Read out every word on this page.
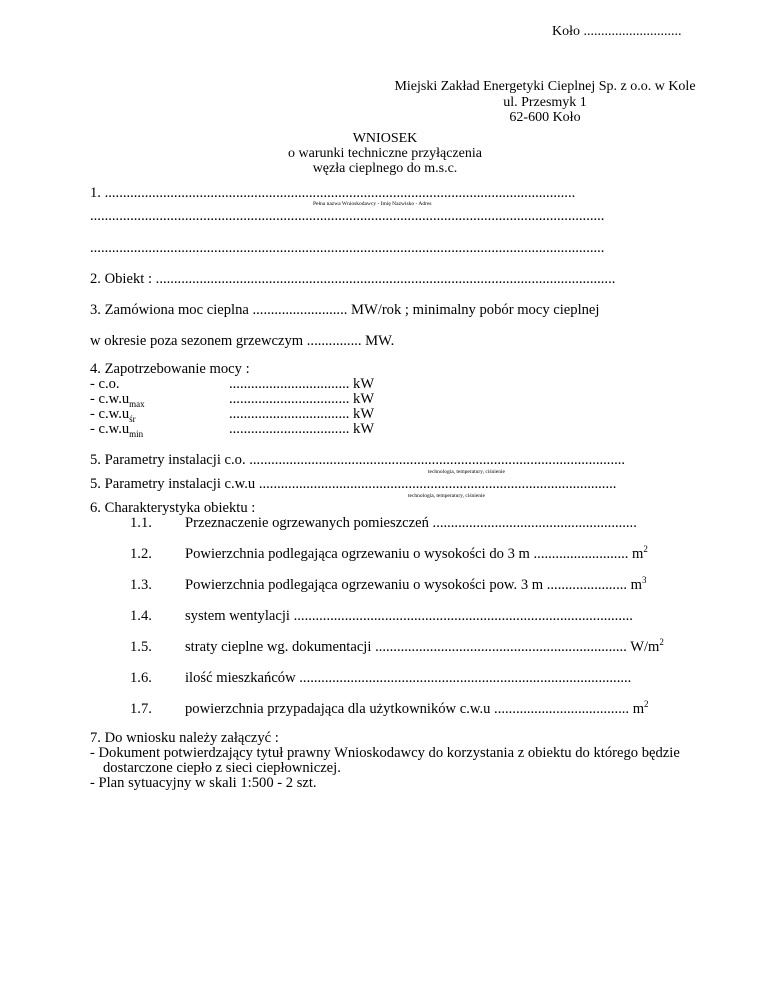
Koło ............................
Miejski Zakład Energetyki Cieplnej Sp. z o.o. w Kole
ul. Przesmyk 1
62-600 Koło
WNIOSEK
o warunki techniczne przyłączenia
węzła cieplnego do m.s.c.
1. .................................................................................................................................
Pełna nazwa Wnioskodawcy - Imię Nazwisko - Adres
.............................................................................................................................................
.............................................................................................................................................
2. Obiekt : ..............................................................................................................................
3. Zamówiona moc cieplna .......................... MW/rok ; minimalny pobór mocy cieplnej
w okresie poza sezonem grzewczym ............... MW.
4. Zapotrzebowanie mocy :
- c.o.	................................. kW
- $c.w.u_{max}$	................................. kW
- $c.w.u_{śr}$	................................. kW
- $c.w.u_{min}$	................................. kW
5. Parametry instalacji c.o. .......................................................................................................
technologia, temperatury, ciśnienie
5. Parametry instalacji c.w.u ..................................................................................................
technologia, temperatury, ciśnienie
6. Charakterystyka obiektu :
1.1. Przeznaczenie ogrzewanych pomieszczeń ........................................................
1.2. Powierzchnia podlegająca ogrzewaniu o wysokości do 3 m .......................... $m^2$
1.3. Powierzchnia podlegająca ogrzewaniu o wysokości pow. 3 m ...................... $m^3$
1.4. system wentylacji .............................................................................................
1.5. straty cieplne wg. dokumentacji ..................................................................... $W/m^2$
1.6. ilość mieszkańców ...........................................................................................
1.7. powierzchnia przypadająca dla użytkowników c.w.u ..................................... $m^2$
7. Do wniosku należy załączyć :
- Dokument potwierdzający tytuł prawny Wnioskodawcy do korzystania z obiektu do którego będzie
dostarczone ciepło z sieci ciepłowniczej.
- Plan sytuacyjny w skali 1:500 - 2 szt.
